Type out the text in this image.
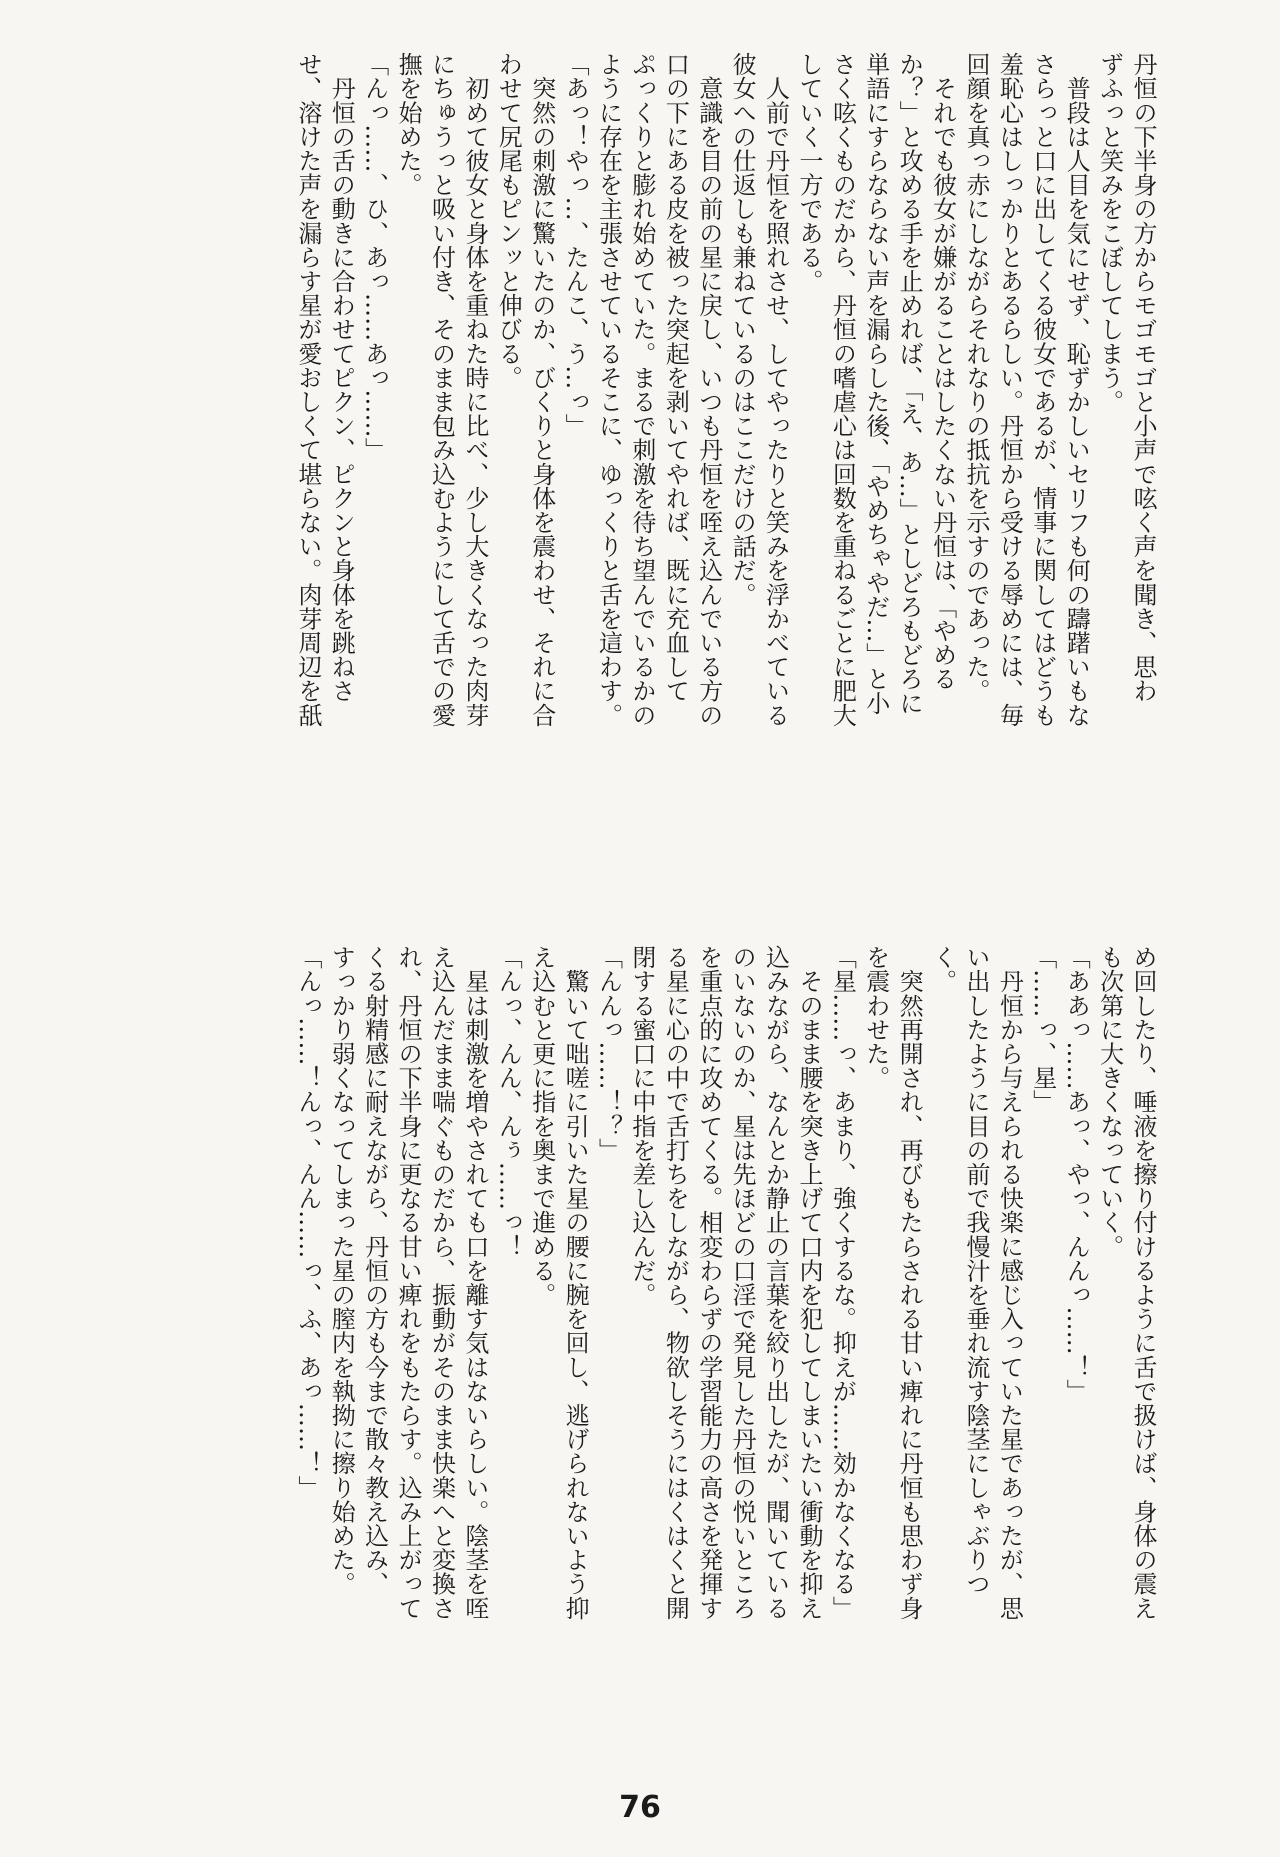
丹恒の下半身の方からモゴモゴと小声で呟く声を聞き、思わ

ずふっと笑みをこぼしてしまう。

　普段は人目を気にせず、恥ずかしいセリフも何の躊躇いもな

さらっと口に出してくる彼女であるが、情事に関してはどうも

羞恥心はしっかりとあるらしい。丹恒から受ける辱めには、毎

回顔を真っ赤にしながらそれなりの抵抗を示すのであった。

　それでも彼女が嫌がることはしたくない丹恒は、「やめる

か？」と攻める手を止めれば、「え、あ…」としどろもどろに

単語にすらならない声を漏らした後、「やめちゃやだ…」と小

さく呟くものだから、丹恒の嗜虐心は回数を重ねるごとに肥大

していく一方である。

　人前で丹恒を照れさせ、してやったりと笑みを浮かべている

彼女への仕返しも兼ねているのはここだけの話だ。

　意識を目の前の星に戻し、いつも丹恒を咥え込んでいる方の

口の下にある皮を被った突起を剥いてやれば、既に充血して

ぷっくりと膨れ始めていた。まるで刺激を待ち望んでいるかの

ように存在を主張させているそこに、ゆっくりと舌を這わす。

「あっ！やっ…、たんこ、う…っ」

　突然の刺激に驚いたのか、びくりと身体を震わせ、それに合

わせて尻尾もピンッと伸びる。

　初めて彼女と身体を重ねた時に比べ、少し大きくなった肉芽

にちゅうっと吸い付き、そのまま包み込むようにして舌での愛

撫を始めた。

「んっ……、ひ、あっ……あっ……」

　丹恒の舌の動きに合わせてピクン、ピクンと身体を跳ねさ

せ、溶けた声を漏らす星が愛おしくて堪らない。肉芽周辺を舐

め回したり、唾液を擦り付けるように舌で扱けば、身体の震え

も次第に大きくなっていく。

「ああっ……あっ、やっ、んんっ……！」

「……っ、星」

　丹恒から与えられる快楽に感じ入っていた星であったが、思

い出したように目の前で我慢汁を垂れ流す陰茎にしゃぶりつ

く。

　突然再開され、再びもたらされる甘い痺れに丹恒も思わず身

を震わせた。

「星……っ、あまり、強くするな。抑えが……効かなくなる」

　そのまま腰を突き上げて口内を犯してしまいたい衝動を抑え

込みながら、なんとか静止の言葉を絞り出したが、聞いている

のいないのか、星は先ほどの口淫で発見した丹恒の悦いところ

を重点的に攻めてくる。相変わらずの学習能力の高さを発揮す

る星に心の中で舌打ちをしながら、物欲しそうにはくはくと開

閉する蜜口に中指を差し込んだ。

「んんっ……！？」

　驚いて咄嗟に引いた星の腰に腕を回し、逃げられないよう抑

え込むと更に指を奥まで進める。

「んっ、んん、んぅ……っ！

　星は刺激を増やされても口を離す気はないらしい。陰茎を咥

え込んだまま喘ぐものだから、振動がそのまま快楽へと変換さ

れ、丹恒の下半身に更なる甘い痺れをもたらす。込み上がって

くる射精感に耐えながら、丹恒の方も今まで散々教え込み、

すっかり弱くなってしまった星の膣内を執拗に擦り始めた。

「んっ……！んっ、んん……っ、ふ、あっ……！」

76
